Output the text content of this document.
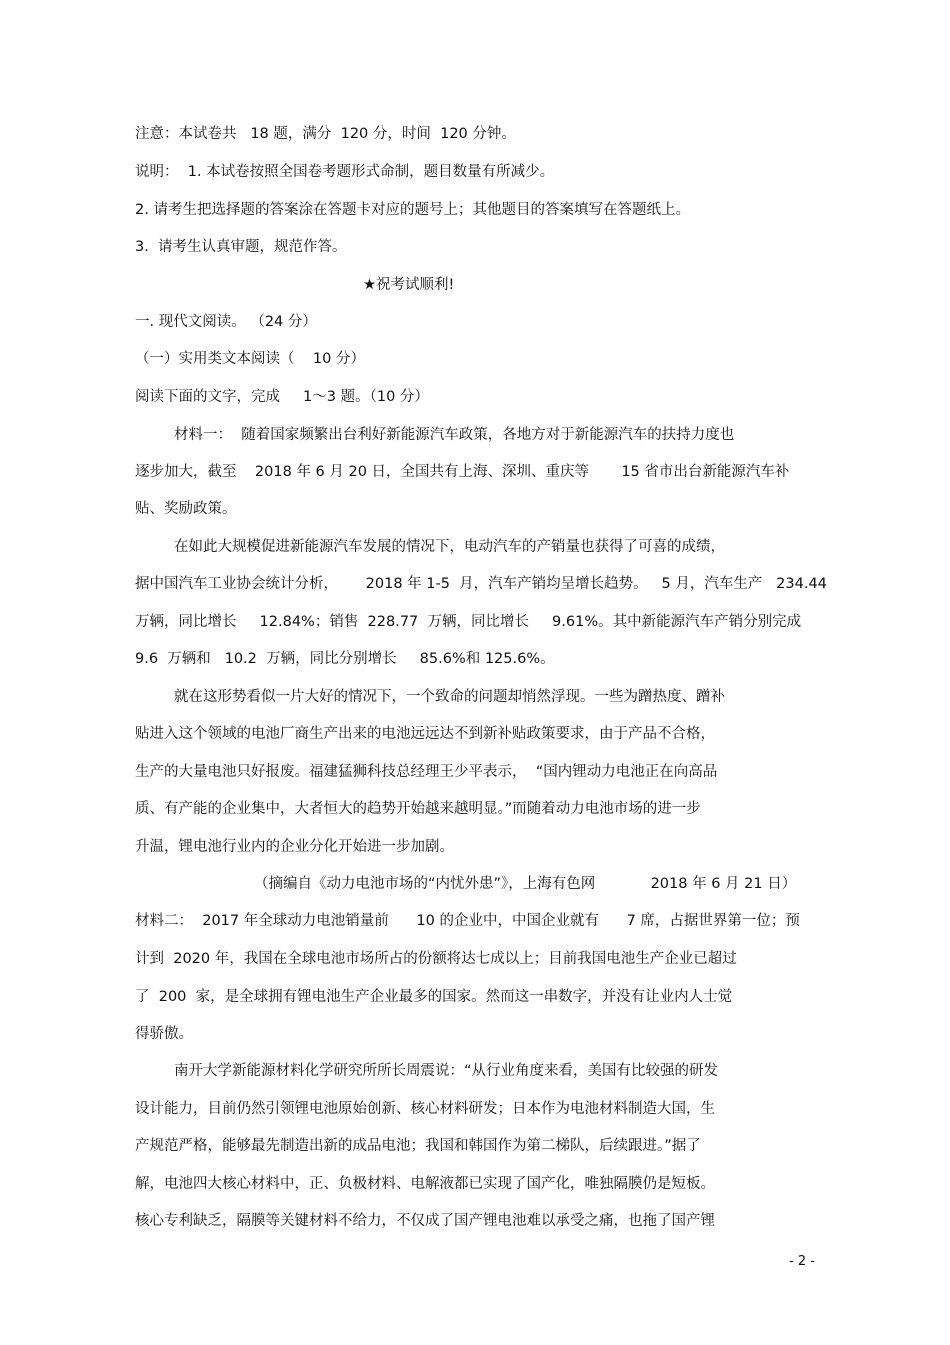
注意：本试卷共   18 题，满分  120 分，时间  120 分钟。

说明：  1. 本试卷按照全国卷考题形式命制，题目数量有所减少。

2. 请考生把选择题的答案涂在答题卡对应的题号上；其他题目的答案填写在答题纸上。

3.  请考生认真审题，规范作答。

★祝考试顺利!

一. 现代文阅读。 （24 分）

（一）实用类文本阅读（    10 分）

阅读下面的文字，完成     1～3 题。（10 分）

材料一：  随着国家频繁出台利好新能源汽车政策，各地方对于新能源汽车的扶持力度也

逐步加大，截至    2018 年 6 月 20 日，全国共有上海、深圳、重庆等       15 省市出台新能源汽车补

贴、奖励政策。

在如此大规模促进新能源汽车发展的情况下，电动汽车的产销量也获得了可喜的成绩，

据中国汽车工业协会统计分析，      2018 年 1-5  月，汽车产销均呈增长趋势。   5 月，汽车生产   234.44

万辆，同比增长     12.84%；销售  228.77  万辆，同比增长     9.61%。其中新能源汽车产销分别完成

9.6  万辆和   10.2  万辆，同比分别增长     85.6%和 125.6%。

就在这形势看似一片大好的情况下，一个致命的问题却悄然浮现。一些为蹭热度、蹭补

贴进入这个领域的电池厂商生产出来的电池远远达不到新补贴政策要求，由于产品不合格，

生产的大量电池只好报废。福建猛狮科技总经理王少平表示，  “国内锂动力电池正在向高品

质、有产能的企业集中，大者恒大的趋势开始越来越明显。”而随着动力电池市场的进一步

升温，锂电池行业内的企业分化开始进一步加剧。

（摘编自《动力电池市场的“内忧外患”》，上海有色网            2018 年 6 月 21 日）

材料二：  2017 年全球动力电池销量前      10 的企业中，中国企业就有      7 席，占据世界第一位；预

计到  2020 年，我国在全球电池市场所占的份额将达七成以上；目前我国电池生产企业已超过

了  200  家，是全球拥有锂电池生产企业最多的国家。然而这一串数字，并没有让业内人士觉

得骄傲。

南开大学新能源材料化学研究所所长周震说：“从行业角度来看，美国有比较强的研发

设计能力，目前仍然引领锂电池原始创新、核心材料研发；日本作为电池材料制造大国，生

产规范严格，能够最先制造出新的成品电池；我国和韩国作为第二梯队，后续跟进。”据了

解，电池四大核心材料中，正、负极材料、电解液都已实现了国产化，唯独隔膜仍是短板。

核心专利缺乏，隔膜等关键材料不给力，不仅成了国产锂电池难以承受之痛，也拖了国产锂

- 2 -
